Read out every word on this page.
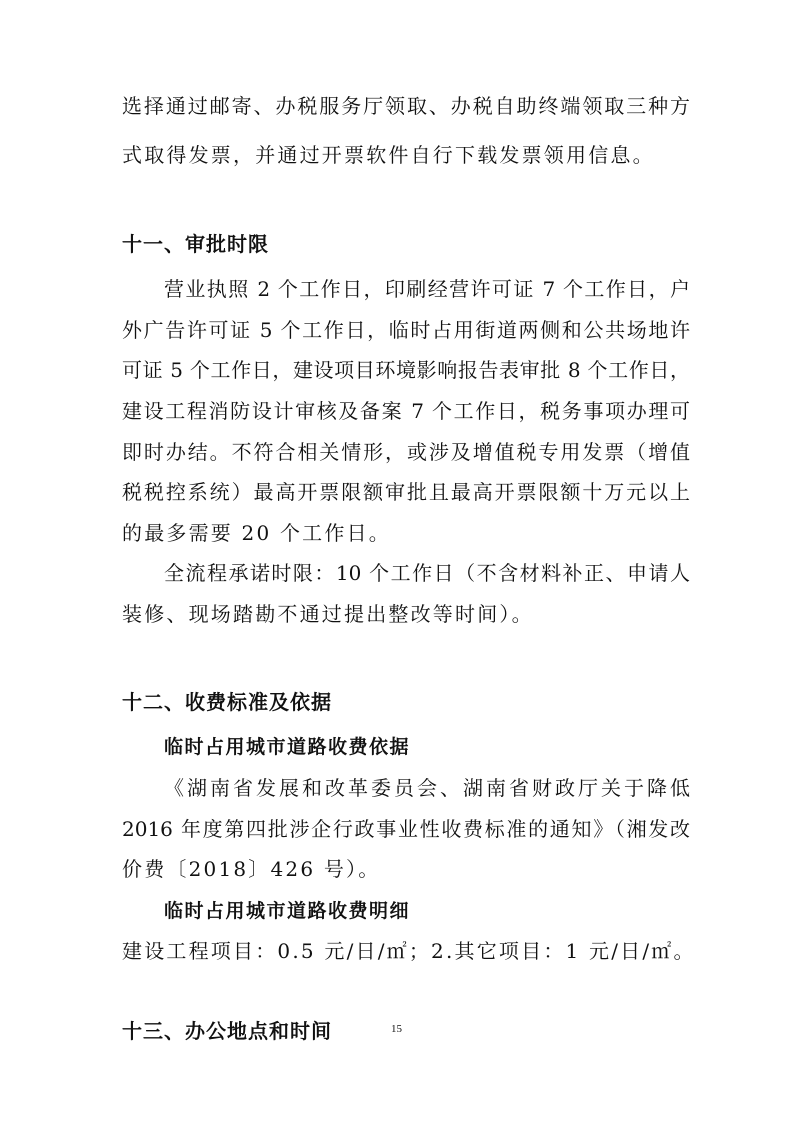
选择通过邮寄、办税服务厅领取、办税自助终端领取三种方
式取得发票，并通过开票软件自行下载发票领用信息。
十一、审批时限
营业执照 2 个工作日，印刷经营许可证 7 个工作日，户
外广告许可证 5 个工作日，临时占用街道两侧和公共场地许
可证 5 个工作日，建设项目环境影响报告表审批 8 个工作日，
建设工程消防设计审核及备案 7 个工作日，税务事项办理可
即时办结。不符合相关情形，或涉及增值税专用发票（增值
税税控系统）最高开票限额审批且最高开票限额十万元以上
的最多需要 20 个工作日。
全流程承诺时限：10 个工作日（不含材料补正、申请人
装修、现场踏勘不通过提出整改等时间）。
十二、收费标准及依据
临时占用城市道路收费依据
《湖南省发展和改革委员会、湖南省财政厅关于降低
2016 年度第四批涉企行政事业性收费标准的通知》（湘发改
价费〔2018〕426 号）。
临时占用城市道路收费明细
建设工程项目：0.5 元/日/㎡；2.其它项目：1 元/日/㎡。
十三、办公地点和时间	15
